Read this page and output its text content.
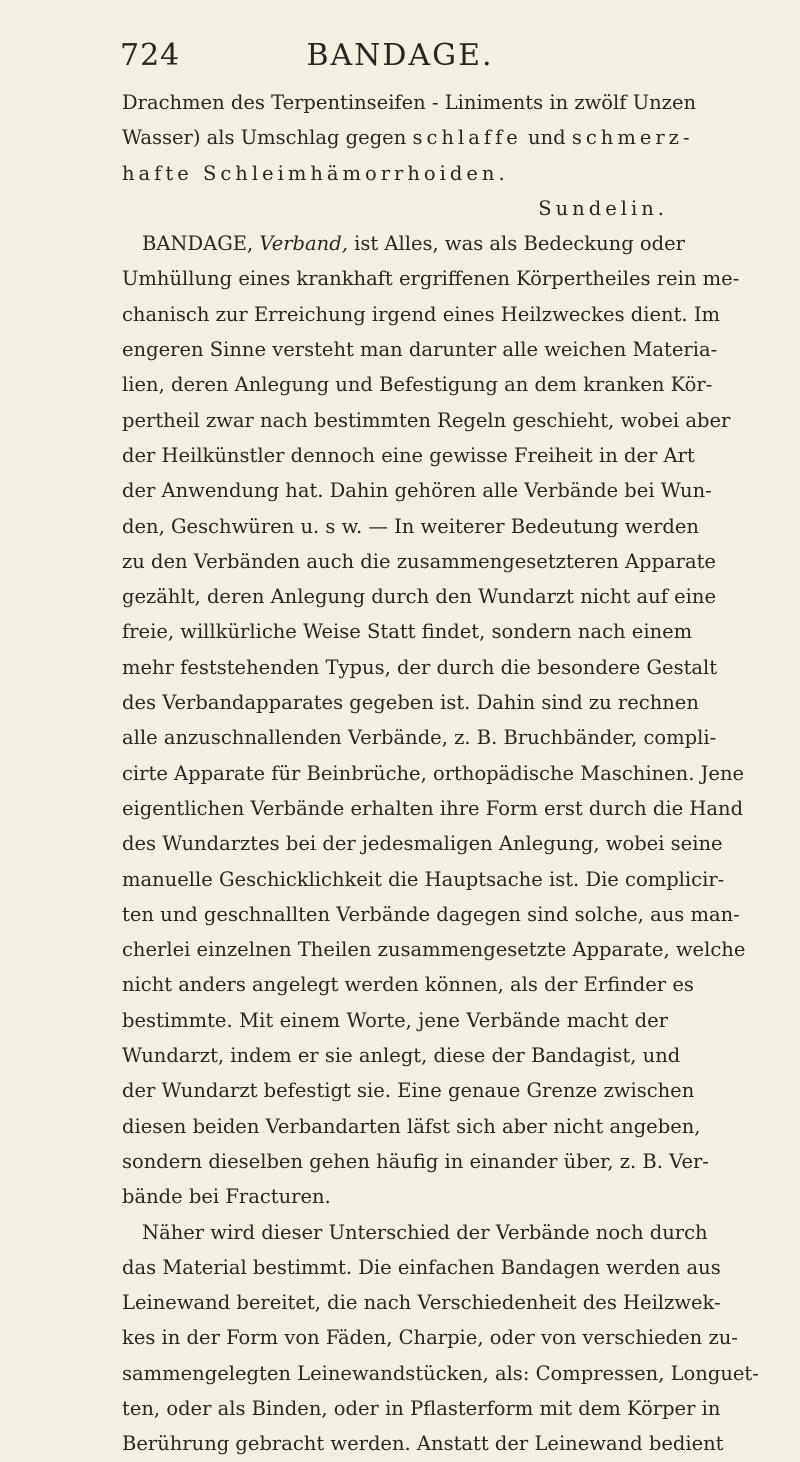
724	BANDAGE.
Drachmen des Terpentinseifen - Liniments in zwölf Unzen
Wasser) als Umschlag gegen schlaffe und schmerz-
hafte Schleimhämorrhoiden.
Sundelin.
BANDAGE, Verband, ist Alles, was als Bedeckung oder
Umhüllung eines krankhaft ergriffenen Körpertheiles rein me-
chanisch zur Erreichung irgend eines Heilzweckes dient. Im
engeren Sinne versteht man darunter alle weichen Materia-
lien, deren Anlegung und Befestigung an dem kranken Kör-
pertheil zwar nach bestimmten Regeln geschieht, wobei aber
der Heilkünstler dennoch eine gewisse Freiheit in der Art
der Anwendung hat. Dahin gehören alle Verbände bei Wun-
den, Geschwüren u. s w. — In weiterer Bedeutung werden
zu den Verbänden auch die zusammengesetzteren Apparate
gezählt, deren Anlegung durch den Wundarzt nicht auf eine
freie, willkürliche Weise Statt findet, sondern nach einem
mehr feststehenden Typus, der durch die besondere Gestalt
des Verbandapparates gegeben ist. Dahin sind zu rechnen
alle anzuschnallenden Verbände, z. B. Bruchbänder, compli-
cirte Apparate für Beinbrüche, orthopädische Maschinen. Jene
eigentlichen Verbände erhalten ihre Form erst durch die Hand
des Wundarztes bei der jedesmaligen Anlegung, wobei seine
manuelle Geschicklichkeit die Hauptsache ist. Die complicir-
ten und geschnallten Verbände dagegen sind solche, aus man-
cherlei einzelnen Theilen zusammengesetzte Apparate, welche
nicht anders angelegt werden können, als der Erfinder es
bestimmte. Mit einem Worte, jene Verbände macht der
Wundarzt, indem er sie anlegt, diese der Bandagist, und
der Wundarzt befestigt sie. Eine genaue Grenze zwischen
diesen beiden Verbandarten läfst sich aber nicht angeben,
sondern dieselben gehen häufig in einander über, z. B. Ver-
bände bei Fracturen.
Näher wird dieser Unterschied der Verbände noch durch
das Material bestimmt. Die einfachen Bandagen werden aus
Leinewand bereitet, die nach Verschiedenheit des Heilzwek-
kes in der Form von Fäden, Charpie, oder von verschieden zu-
sammengelegten Leinewandstücken, als: Compressen, Longuet-
ten, oder als Binden, oder in Pflasterform mit dem Körper in
Berührung gebracht werden. Anstatt der Leinewand bedient
